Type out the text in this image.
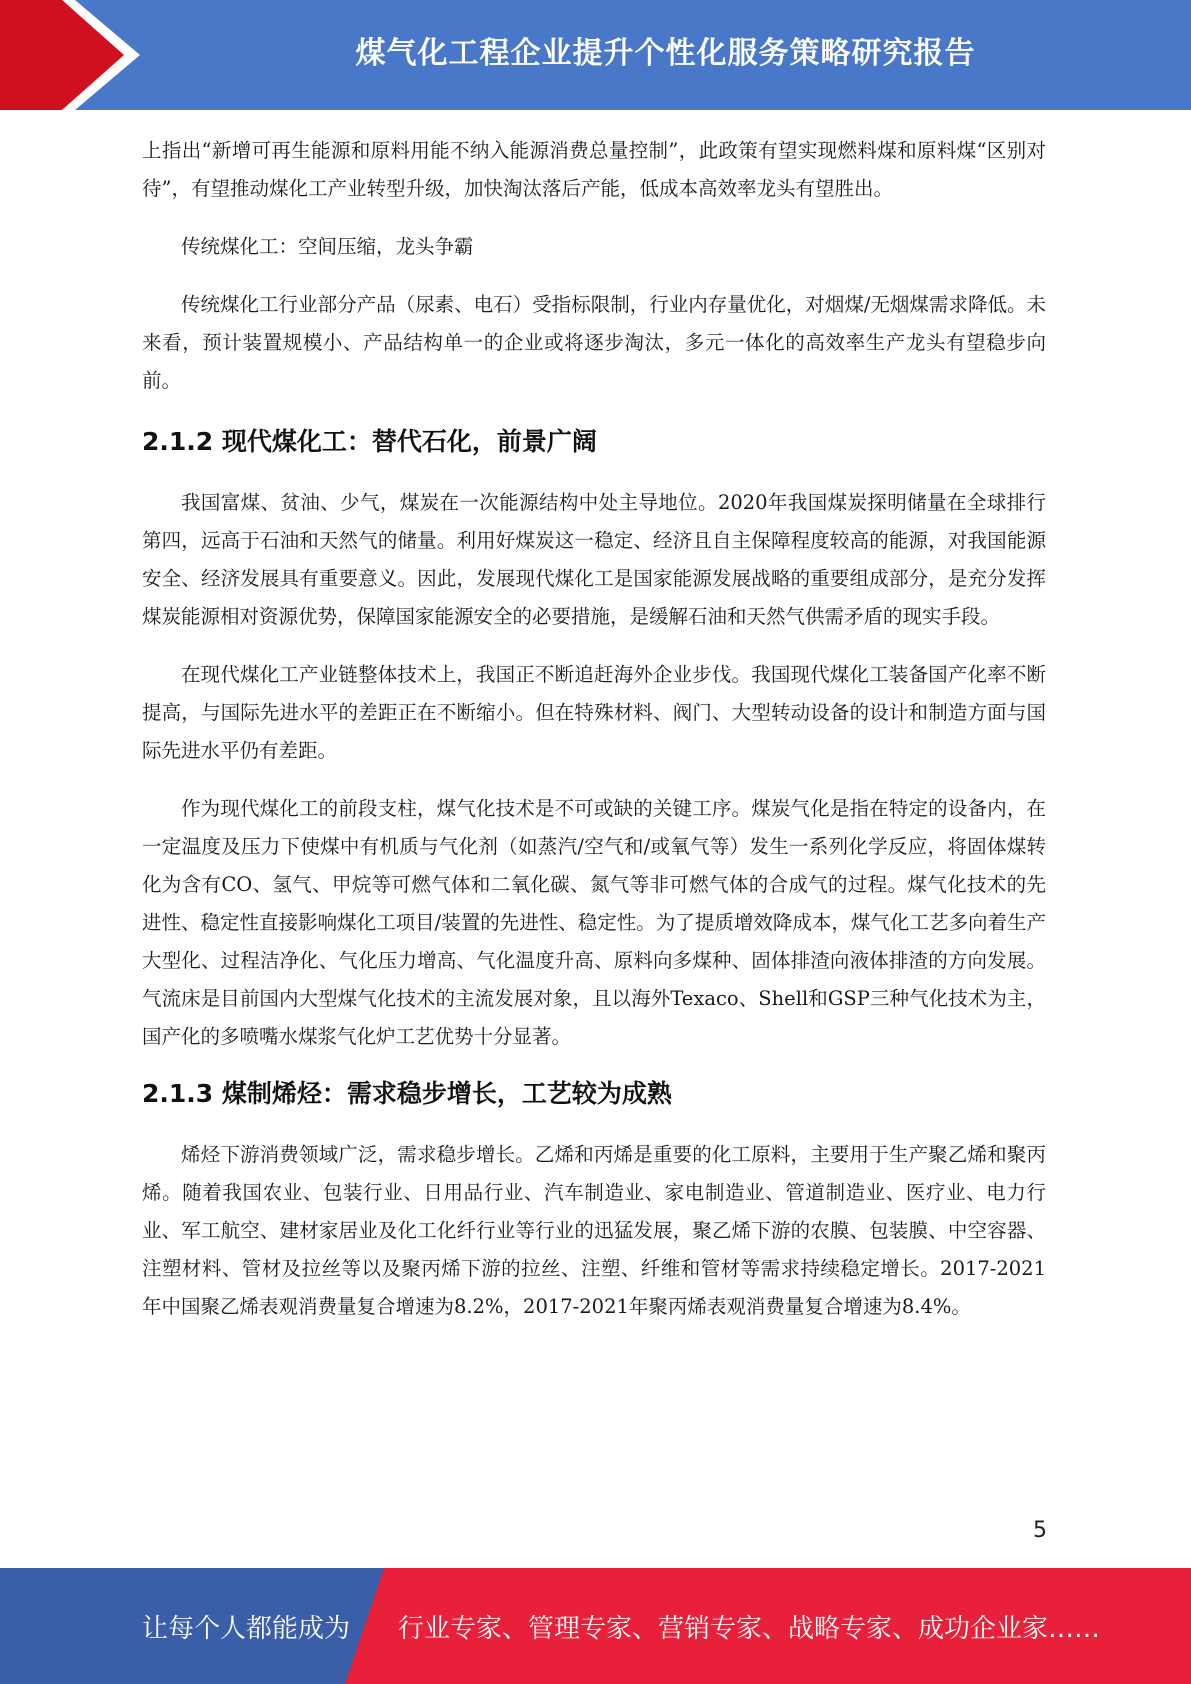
煤气化工程企业提升个性化服务策略研究报告

上指出“新增可再生能源和原料用能不纳入能源消费总量控制”，此政策有望实现燃料煤和原料煤“区别对待”，有望推动煤化工产业转型升级，加快淘汰落后产能，低成本高效率龙头有望胜出。

传统煤化工：空间压缩，龙头争霸

传统煤化工行业部分产品（尿素、电石）受指标限制，行业内存量优化，对烟煤/无烟煤需求降低。未来看，预计装置规模小、产品结构单一的企业或将逐步淘汰，多元一体化的高效率生产龙头有望稳步向前。

2.1.2 现代煤化工：替代石化，前景广阔

我国富煤、贫油、少气，煤炭在一次能源结构中处主导地位。2020年我国煤炭探明储量在全球排行第四，远高于石油和天然气的储量。利用好煤炭这一稳定、经济且自主保障程度较高的能源，对我国能源安全、经济发展具有重要意义。因此，发展现代煤化工是国家能源发展战略的重要组成部分，是充分发挥煤炭能源相对资源优势，保障国家能源安全的必要措施，是缓解石油和天然气供需矛盾的现实手段。

在现代煤化工产业链整体技术上，我国正不断追赶海外企业步伐。我国现代煤化工装备国产化率不断提高，与国际先进水平的差距正在不断缩小。但在特殊材料、阀门、大型转动设备的设计和制造方面与国际先进水平仍有差距。

作为现代煤化工的前段支柱，煤气化技术是不可或缺的关键工序。煤炭气化是指在特定的设备内，在一定温度及压力下使煤中有机质与气化剂（如蒸汽/空气和/或氧气等）发生一系列化学反应，将固体煤转化为含有CO、氢气、甲烷等可燃气体和二氧化碳、氮气等非可燃气体的合成气的过程。煤气化技术的先进性、稳定性直接影响煤化工项目/装置的先进性、稳定性。为了提质增效降成本，煤气化工艺多向着生产大型化、过程洁净化、气化压力增高、气化温度升高、原料向多煤种、固体排渣向液体排渣的方向发展。气流床是目前国内大型煤气化技术的主流发展对象，且以海外Texaco、Shell和GSP三种气化技术为主，国产化的多喷嘴水煤浆气化炉工艺优势十分显著。

2.1.3 煤制烯烃：需求稳步增长，工艺较为成熟

烯烃下游消费领域广泛，需求稳步增长。乙烯和丙烯是重要的化工原料，主要用于生产聚乙烯和聚丙烯。随着我国农业、包装行业、日用品行业、汽车制造业、家电制造业、管道制造业、医疗业、电力行业、军工航空、建材家居业及化工化纤行业等行业的迅猛发展，聚乙烯下游的农膜、包装膜、中空容器、注塑材料、管材及拉丝等以及聚丙烯下游的拉丝、注塑、纤维和管材等需求持续稳定增长。2017-2021年中国聚乙烯表观消费量复合增速为8.2%，2017-2021年聚丙烯表观消费量复合增速为8.4%。

5
让每个人都能成为 行业专家、管理专家、营销专家、战略专家、成功企业家……
